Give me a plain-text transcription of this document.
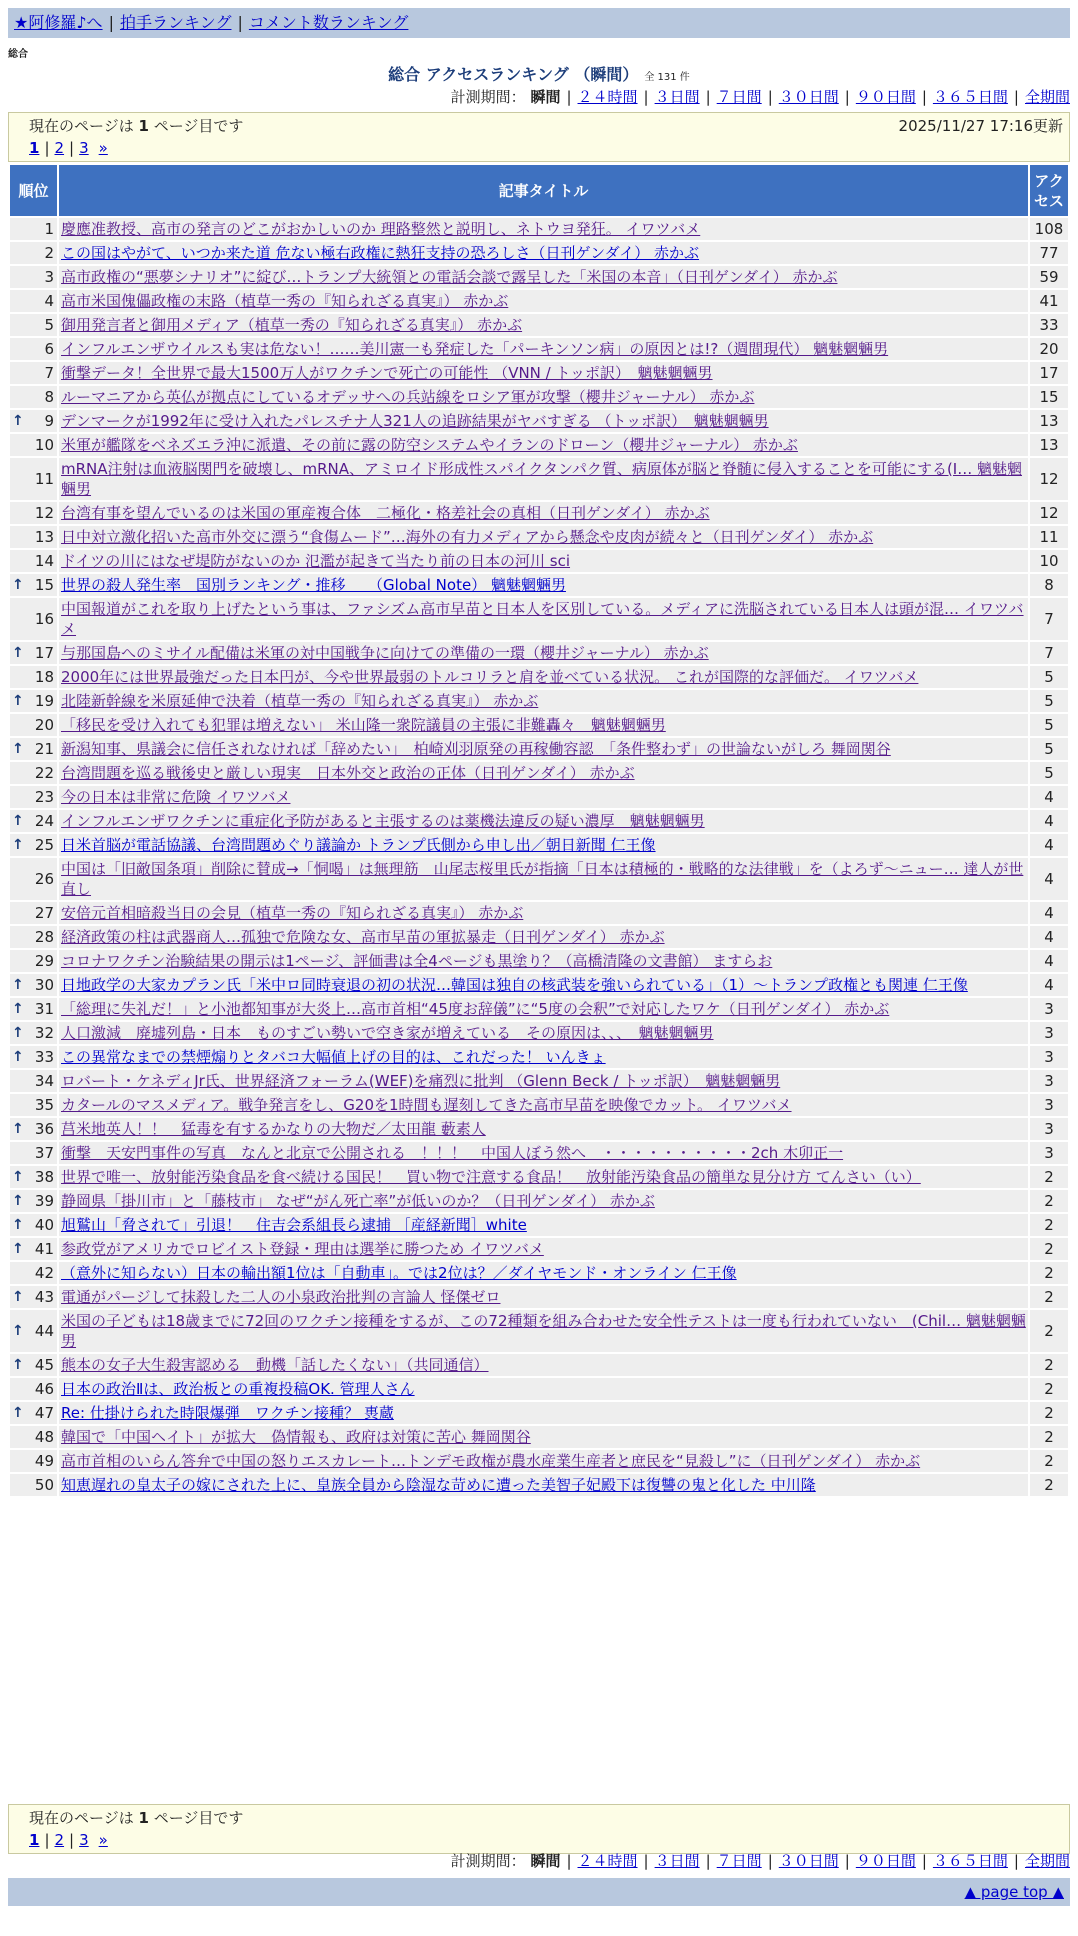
★阿修羅♪へ | 拍手ランキング | コメント数ランキング
総合
総合 アクセスランキング （瞬間） 全 131 件
計測期間： 瞬間 | ２４時間 | ３日間 | ７日間 | ３０日間 | ９０日間 | ３６５日間 | 全期間
現在のページは 1 ページ目です	2025/11/27 17:16更新
1 | 2 | 3 »
順位	記事タイトル	アクセス
1	慶應准教授、高市の発言のどこがおかしいのか 理路整然と説明し、ネトウヨ発狂。 イワツバメ	108
2	この国はやがて、いつか来た道 危ない極右政権に熱狂支持の恐ろしさ（日刊ゲンダイ） 赤かぶ	77
3	高市政権の“悪夢シナリオ”に綻び…トランプ大統領との電話会談で露呈した「米国の本音」（日刊ゲンダイ） 赤かぶ	59
4	高市米国傀儡政権の末路（植草一秀の『知られざる真実』） 赤かぶ	41
5	御用発言者と御用メディア（植草一秀の『知られざる真実』） 赤かぶ	33
6	インフルエンザウイルスも実は危ない！……美川憲一も発症した「パーキンソン病」の原因とは!?（週間現代） 魑魅魍魎男	20
7	衝撃データ！全世界で最大1500万人がワクチンで死亡の可能性 （VNN / トッポ訳）　魑魅魍魎男	17
8	ルーマニアから英仏が拠点にしているオデッサへの兵站線をロシア軍が攻撃（櫻井ジャーナル） 赤かぶ	15

↑ 9	デンマークが1992年に受け入れたパレスチナ人321人の追跡結果がヤバすぎる （トッポ訳）　魑魅魍魎男	13
10	米軍が艦隊をベネズエラ沖に派遣、その前に露の防空システムやイランのドローン（櫻井ジャーナル） 赤かぶ	13
11	mRNA注射は血液脳関門を破壊し、mRNA、アミロイド形成性スパイクタンパク質、病原体が脳と脊髄に侵入することを可能にする(I… 魑魅魍魎男	12
12	台湾有事を望んでいるのは米国の軍産複合体　二極化・格差社会の真相（日刊ゲンダイ） 赤かぶ	12
13	日中対立激化招いた高市外交に漂う“食傷ムード”…海外の有力メディアから懸念や皮肉が続々と（日刊ゲンダイ） 赤かぶ	11
14	ドイツの川にはなぜ堤防がないのか 氾濫が起きて当たり前の日本の河川 sci	10

↑ 15	世界の殺人発生率　国別ランキング・推移　　（Global Note） 魑魅魍魎男	8
16	中国報道がこれを取り上げたという事は、ファシズム高市早苗と日本人を区別している。メディアに洗脳されている日本人は頭が混… イワツバメ	7

↑ 17	与那国島へのミサイル配備は米軍の対中国戦争に向けての準備の一環（櫻井ジャーナル） 赤かぶ	7
18	2000年には世界最強だった日本円が、今や世界最弱のトルコリラと肩を並べている状況。 これが国際的な評価だ。 イワツバメ	5

↑ 19	北陸新幹線を米原延伸で決着（植草一秀の『知られざる真実』） 赤かぶ	5
20	「移民を受け入れても犯罪は増えない」 米山隆一衆院議員の主張に非難轟々　魑魅魍魎男	5

↑ 21	新潟知事、県議会に信任されなければ「辞めたい」　柏崎刈羽原発の再稼働容認　「条件整わず」の世論ないがしろ 舞岡関谷	5
22	台湾問題を巡る戦後史と厳しい現実　日本外交と政治の正体（日刊ゲンダイ） 赤かぶ	5
23	今の日本は非常に危険 イワツバメ	4

↑ 24	インフルエンザワクチンに重症化予防があると主張するのは薬機法違反の疑い濃厚　魑魅魍魎男	4

↑ 25	日米首脳が電話協議、台湾問題めぐり議論か トランプ氏側から申し出／朝日新聞 仁王像	4
26	中国は「旧敵国条項」削除に賛成→「恫喝」は無理筋　山尾志桜里氏が指摘「日本は積極的・戦略的な法律戦」を（よろず〜ニュー… 達人が世直し	4
27	安倍元首相暗殺当日の会見（植草一秀の『知られざる真実』） 赤かぶ	4
28	経済政策の柱は武器商人…孤独で危険な女、高市早苗の軍拡暴走（日刊ゲンダイ） 赤かぶ	4
29	コロナワクチン治験結果の開示は1ページ、評価書は全4ページも黒塗り？（高橋清隆の文書館） ますらお	4

↑ 30	日地政学の大家カプラン氏「米中ロ同時衰退の初の状況…韓国は独自の核武装を強いられている」（1）～トランプ政権とも関連 仁王像	4

↑ 31	「総理に失礼だ！」と小池都知事が大炎上…高市首相“45度お辞儀”に“5度の会釈”で対応したワケ（日刊ゲンダイ） 赤かぶ	3

↑ 32	人口激減　廃墟列島・日本　ものすごい勢いで空き家が増えている　その原因は、、、　魑魅魍魎男	3

↑ 33	この異常なまでの禁煙煽りとタバコ大幅値上げの目的は、これだった！ いんきょ	3
34	ロバート・ケネディJr氏、世界経済フォーラム(WEF)を痛烈に批判 （Glenn Beck / トッポ訳）　魑魅魍魎男	3
35	カタールのマスメディア。戦争発言をし、G20を1時間も遅刻してきた高市早苗を映像でカット。 イワツバメ	3

↑ 36	莒米地英人！！　猛毒を有するかなりの大物だ／太田龍 藪素人	3
37	衝撃　天安門事件の写真　なんと北京で公開される　！！！　中国人ぼう然へ　・・・・・・・・・・2ch 木卯正一	3

↑ 38	世界で唯一、放射能汚染食品を食べ続ける国民！　買い物で注意する食品！　放射能汚染食品の簡単な見分け方 てんさい（い）	2

↑ 39	静岡県「掛川市」と「藤枝市」 なぜ“がん死亡率”が低いのか？（日刊ゲンダイ） 赤かぶ	2

↑ 40	旭鷲山「脅されて」引退！　住吉会系組長ら逮捕 ［産経新聞］white	2

↑ 41	参政党がアメリカでロビイスト登録・理由は選挙に勝つため イワツバメ	2
42	（意外に知らない）日本の輸出額1位は「自動車」。では2位は？／ダイヤモンド・オンライン 仁王像	2

↑ 43	電通がパージして抹殺した二人の小泉政治批判の言論人 怪傑ゼロ	2

↑ 44	米国の子どもは18歳までに72回のワクチン接種をするが、この72種類を組み合わせた安全性テストは一度も行われていない　(Chil… 魑魅魍魎男	2

↑ 45	熊本の女子大生殺害認める　動機「話したくない」（共同通信）	2
46	日本の政治Ⅱは、政治板との重複投稿OK. 管理人さん	2

↑ 47	Re: 仕掛けられた時限爆弾　ワクチン接種？ 軣蔵	2
48	韓国で「中国ヘイト」が拡大　偽情報も、政府は対策に苦心 舞岡関谷	2
49	高市首相のいらん答弁で中国の怒りエスカレート…トンデモ政権が農水産業生産者と庶民を“見殺し”に（日刊ゲンダイ） 赤かぶ	2
50	知恵遅れの皇太子の嫁にされた上に、皇族全員から陰湿な苛めに遭った美智子妃殿下は復讐の鬼と化した 中川隆	2
現在のページは 1 ページ目です
1 | 2 | 3 »
計測期間： 瞬間 | ２４時間 | ３日間 | ７日間 | ３０日間 | ９０日間 | ３６５日間 | 全期間
▲ page top ▲
